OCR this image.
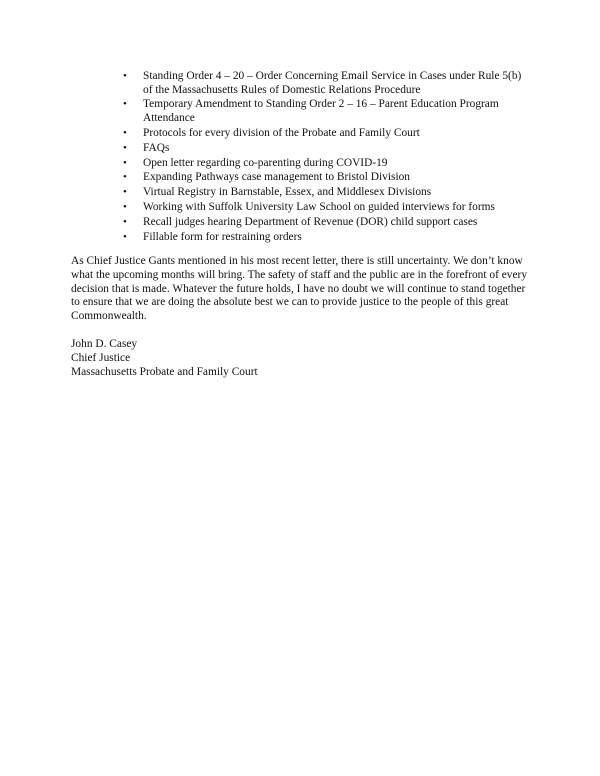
• Standing Order 4 – 20 – Order Concerning Email Service in Cases under Rule 5(b) of the Massachusetts Rules of Domestic Relations Procedure
• Temporary Amendment to Standing Order 2 – 16 – Parent Education Program Attendance
• Protocols for every division of the Probate and Family Court
• FAQs
• Open letter regarding co-parenting during COVID-19
• Expanding Pathways case management to Bristol Division
• Virtual Registry in Barnstable, Essex, and Middlesex Divisions
• Working with Suffolk University Law School on guided interviews for forms
• Recall judges hearing Department of Revenue (DOR) child support cases
• Fillable form for restraining orders

As Chief Justice Gants mentioned in his most recent letter, there is still uncertainty. We don’t know what the upcoming months will bring. The safety of staff and the public are in the forefront of every decision that is made. Whatever the future holds, I have no doubt we will continue to stand together to ensure that we are doing the absolute best we can to provide justice to the people of this great Commonwealth.

John D. Casey
Chief Justice
Massachusetts Probate and Family Court
